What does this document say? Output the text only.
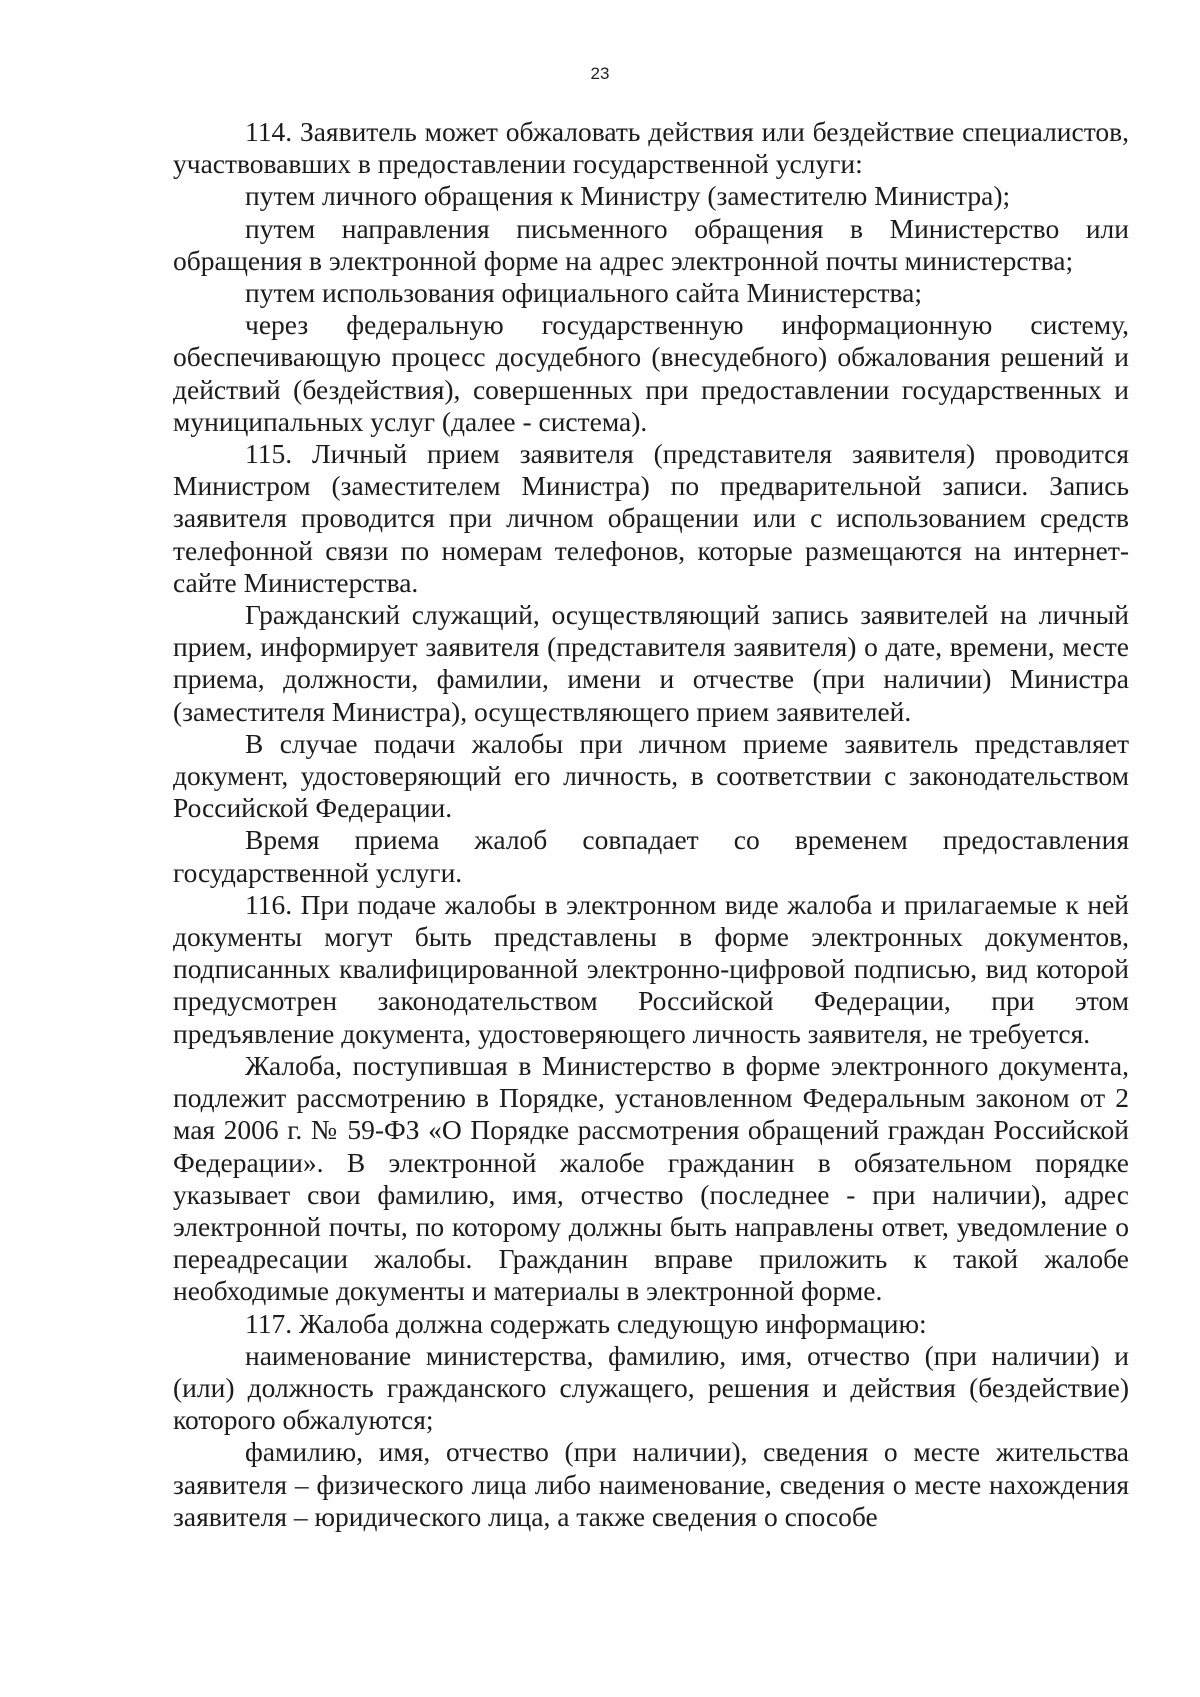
23

114. Заявитель может обжаловать действия или бездействие специалистов, участвовавших в предоставлении государственной услуги:

путем личного обращения к Министру (заместителю Министра);

путем направления письменного обращения в Министерство или обращения в электронной форме на адрес электронной почты министерства;

путем использования официального сайта Министерства;

через федеральную государственную информационную систему, обеспечивающую процесс досудебного (внесудебного) обжалования решений и действий (бездействия), совершенных при предоставлении государственных и муниципальных услуг (далее - система).

115. Личный прием заявителя (представителя заявителя) проводится Министром (заместителем Министра) по предварительной записи. Запись заявителя проводится при личном обращении или с использованием средств телефонной связи по номерам телефонов, которые размещаются на интернет-сайте Министерства.

Гражданский служащий, осуществляющий запись заявителей на личный прием, информирует заявителя (представителя заявителя) о дате, времени, месте приема, должности, фамилии, имени и отчестве (при наличии) Министра (заместителя Министра), осуществляющего прием заявителей.

В случае подачи жалобы при личном приеме заявитель представляет документ, удостоверяющий его личность, в соответствии с законодательством Российской Федерации.

Время приема жалоб совпадает со временем предоставления государственной услуги.

116. При подаче жалобы в электронном виде жалоба и прилагаемые к ней документы могут быть представлены в форме электронных документов, подписанных квалифицированной электронно-цифровой подписью, вид которой предусмотрен законодательством Российской Федерации, при этом предъявление документа, удостоверяющего личность заявителя, не требуется.

Жалоба, поступившая в Министерство в форме электронного документа, подлежит рассмотрению в Порядке, установленном Федеральным законом от 2 мая 2006 г. № 59-ФЗ «О Порядке рассмотрения обращений граждан Российской Федерации». В электронной жалобе гражданин в обязательном порядке указывает свои фамилию, имя, отчество (последнее - при наличии), адрес электронной почты, по которому должны быть направлены ответ, уведомление о переадресации жалобы. Гражданин вправе приложить к такой жалобе необходимые документы и материалы в электронной форме.

117. Жалоба должна содержать следующую информацию:

наименование министерства, фамилию, имя, отчество (при наличии) и (или) должность гражданского служащего, решения и действия (бездействие) которого обжалуются;

фамилию, имя, отчество (при наличии), сведения о месте жительства заявителя – физического лица либо наименование, сведения о месте нахождения заявителя – юридического лица, а также сведения о способе
